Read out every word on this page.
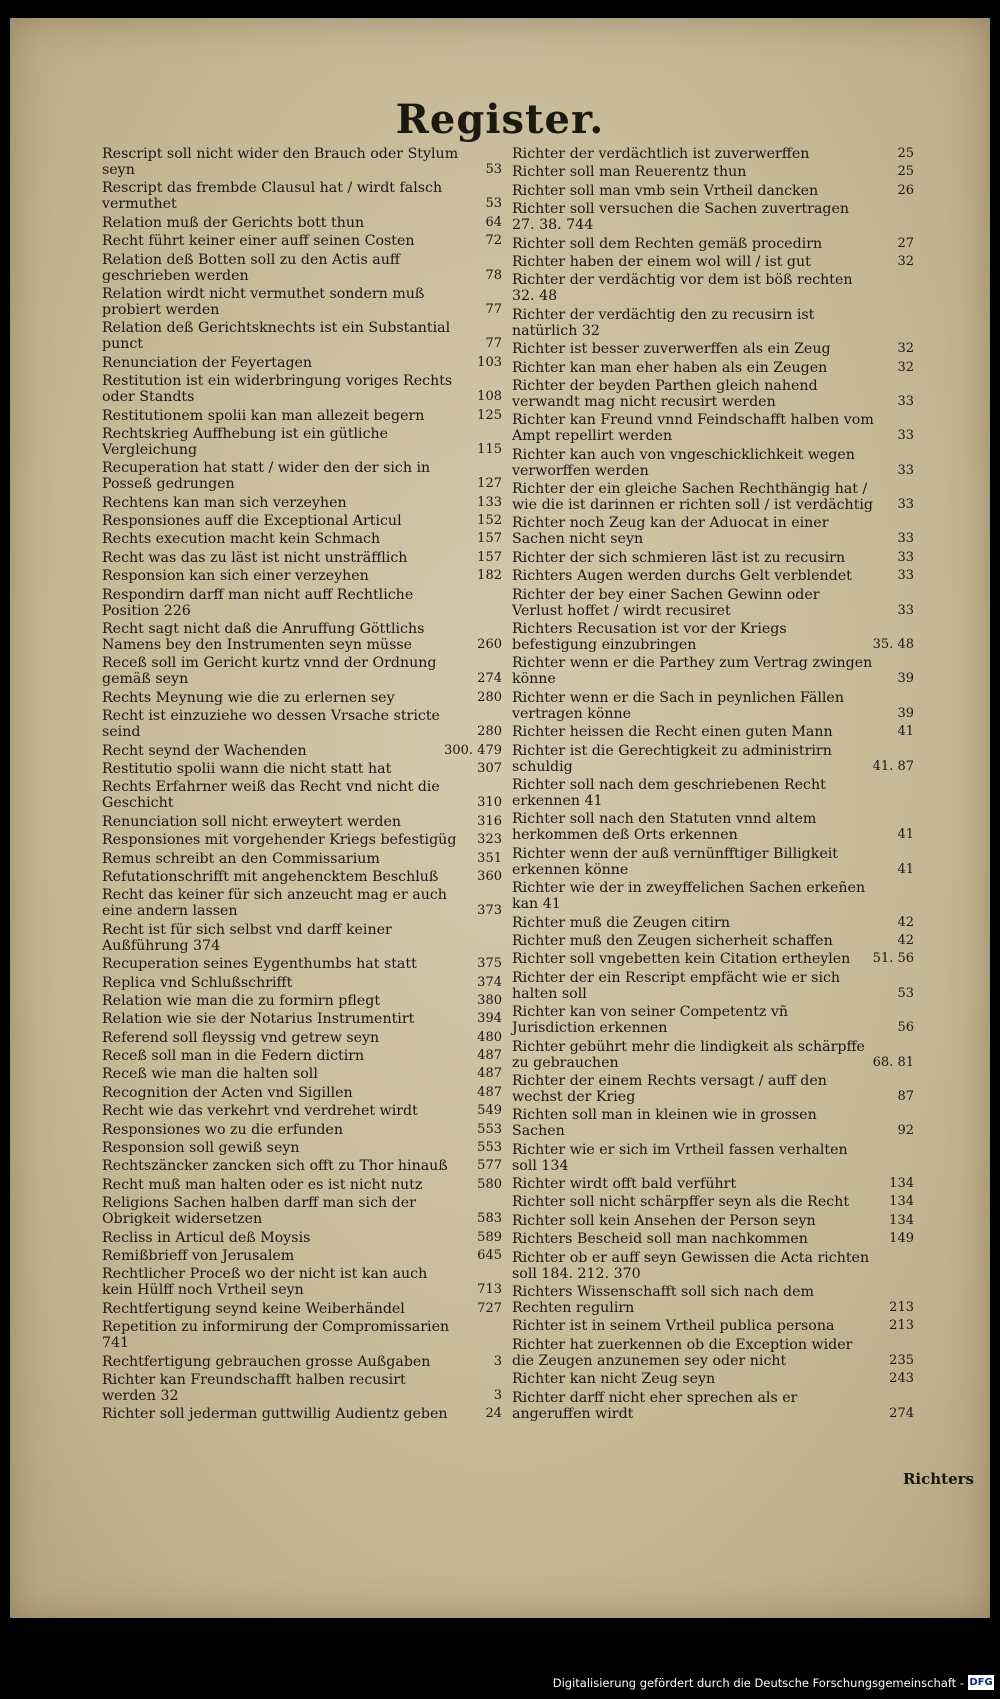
Register.
Rescript soll nicht wider den Brauch oder Stylum seyn	53
Rescript das frembde Clausul hat / wirdt falsch vermuthet	53
Relation muß der Gerichts bott thun	64
Recht führt keiner einer auff seinen Costen	72
Relation deß Botten soll zu den Actis auff geschrieben werden	78
Relation wirdt nicht vermuthet sondern muß probiert werden	77
Relation deß Gerichtsknechts ist ein Substantial punct	77
Renunciation der Feyertagen	103
Restitution ist ein widerbringung voriges Rechts oder Standts	108
Restitutionem spolii kan man allezeit begern	125
Rechtskrieg Auffhebung ist ein gütliche Vergleichung	115
Recuperation hat statt / wider den der sich in Posseß gedrungen	127
Rechtens kan man sich verzeyhen	133
Responsiones auff die Exceptional Articul	152
Rechts execution macht kein Schmach	157
Recht was das zu läst ist nicht unsträfflich	157
Responsion kan sich einer verzeyhen	182
Respondirn darff man nicht auff Rechtliche Position 226
Recht sagt nicht daß die Anruffung Göttlichs Namens bey den Instrumenten seyn müsse	260
Receß soll im Gericht kurtz vnnd der Ordnung gemäß seyn	274
Rechts Meynung wie die zu erlernen sey	280
Recht ist einzuziehe wo dessen Vrsache stricte seind	280
Recht seynd der Wachenden	300. 479
Restitutio spolii wann die nicht statt hat	307
Rechts Erfahrner weiß das Recht vnd nicht die Geschicht	310
Renunciation soll nicht erweytert werden	316
Responsiones mit vorgehender Kriegs befestigüg	323
Remus schreibt an den Commissarium	351
Refutationschrifft mit angehencktem Beschluß	360
Recht das keiner für sich anzeucht mag er auch eine andern lassen	373
Recht ist für sich selbst vnd darff keiner Außführung 374
Recuperation seines Eygenthumbs hat statt	375
Replica vnd Schlußschrifft	374
Relation wie man die zu formirn pflegt	380
Relation wie sie der Notarius Instrumentirt	394
Referend soll fleyssig vnd getrew seyn	480
Receß soll man in die Federn dictirn	487
Receß wie man die halten soll	487
Recognition der Acten vnd Sigillen	487
Recht wie das verkehrt vnd verdrehet wirdt	549
Responsiones wo zu die erfunden	553
Responsion soll gewiß seyn	553
Rechtszäncker zancken sich offt zu Thor hinauß	577
Recht muß man halten oder es ist nicht nutz	580
Religions Sachen halben darff man sich der Obrigkeit widersetzen	583
Recliss in Articul deß Moysis	589
Remißbrieff von Jerusalem	645
Rechtlicher Proceß wo der nicht ist kan auch kein Hülff noch Vrtheil seyn	713
Rechtfertigung seynd keine Weiberhändel	727
Repetition zu informirung der Compromissarien 741
Rechtfertigung gebrauchen grosse Außgaben	3
Richter kan Freundschafft halben recusirt werden 32	3
Richter soll jederman guttwillig Audientz geben	24
Richter der verdächtlich ist zuverwerffen	25
Richter soll man Reuerentz thun	25
Richter soll man vmb sein Vrtheil dancken	26
Richter soll versuchen die Sachen zuvertragen 27. 38. 744
Richter soll dem Rechten gemäß procedirn	27
Richter haben der einem wol will / ist gut	32
Richter der verdächtig vor dem ist böß rechten 32. 48
Richter der verdächtig den zu recusirn ist natürlich 32
Richter ist besser zuverwerffen als ein Zeug	32
Richter kan man eher haben als ein Zeugen	32
Richter der beyden Parthen gleich nahend verwandt mag nicht recusirt werden	33
Richter kan Freund vnnd Feindschafft halben vom Ampt repellirt werden	33
Richter kan auch von vngeschicklichkeit wegen verworffen werden	33
Richter der ein gleiche Sachen Rechthängig hat / wie die ist darinnen er richten soll / ist verdächtig 33
Richter noch Zeug kan der Aduocat in einer Sachen nicht seyn	33
Richter der sich schmieren läst ist zu recusirn	33
Richters Augen werden durchs Gelt verblendet	33
Richter der bey einer Sachen Gewinn oder Verlust hoffet / wirdt recusiret	33
Richters Recusation ist vor der Kriegs befestigung einzubringen	35. 48
Richter wenn er die Parthey zum Vertrag zwingen könne	39
Richter wenn er die Sach in peynlichen Fällen vertragen könne	39
Richter heissen die Recht einen guten Mann	41
Richter ist die Gerechtigkeit zu administrirn schuldig	41. 87
Richter soll nach dem geschriebenen Recht erkennen 41
Richter soll nach den Statuten vnnd altem herkommen deß Orts erkennen	41
Richter wenn der auß vernünfftiger Billigkeit erkennen könne	41
Richter wie der in zweyffelichen Sachen erkeñen kan 41
Richter muß die Zeugen citirn	42
Richter muß den Zeugen sicherheit schaffen	42
Richter soll vngebetten kein Citation ertheylen	51. 56
Richter der ein Rescript empfächt wie er sich halten soll	53
Richter kan von seiner Competentz vñ Jurisdiction erkennen	56
Richter gebührt mehr die lindigkeit als schärpffe zu gebrauchen	68. 81
Richter der einem Rechts versagt / auff den wechst der Krieg	87
Richten soll man in kleinen wie in grossen Sachen	92
Richter wie er sich im Vrtheil fassen verhalten soll 134
Richter wirdt offt bald verführt	134
Richter soll nicht schärpffer seyn als die Recht	134
Richter soll kein Ansehen der Person seyn	134
Richters Bescheid soll man nachkommen	149
Richter ob er auff seyn Gewissen die Acta richten soll 184. 212. 370
Richters Wissenschafft soll sich nach dem Rechten regulirn	213
Richter ist in seinem Vrtheil publica persona	213
Richter hat zuerkennen ob die Exception wider die Zeugen anzunemen sey oder nicht	235
Richter kan nicht Zeug seyn	243
Richter darff nicht eher sprechen als er angeruffen wirdt	274
Richters
Digitalisierung gefördert durch die Deutsche Forschungsgemeinschaft - DFG
